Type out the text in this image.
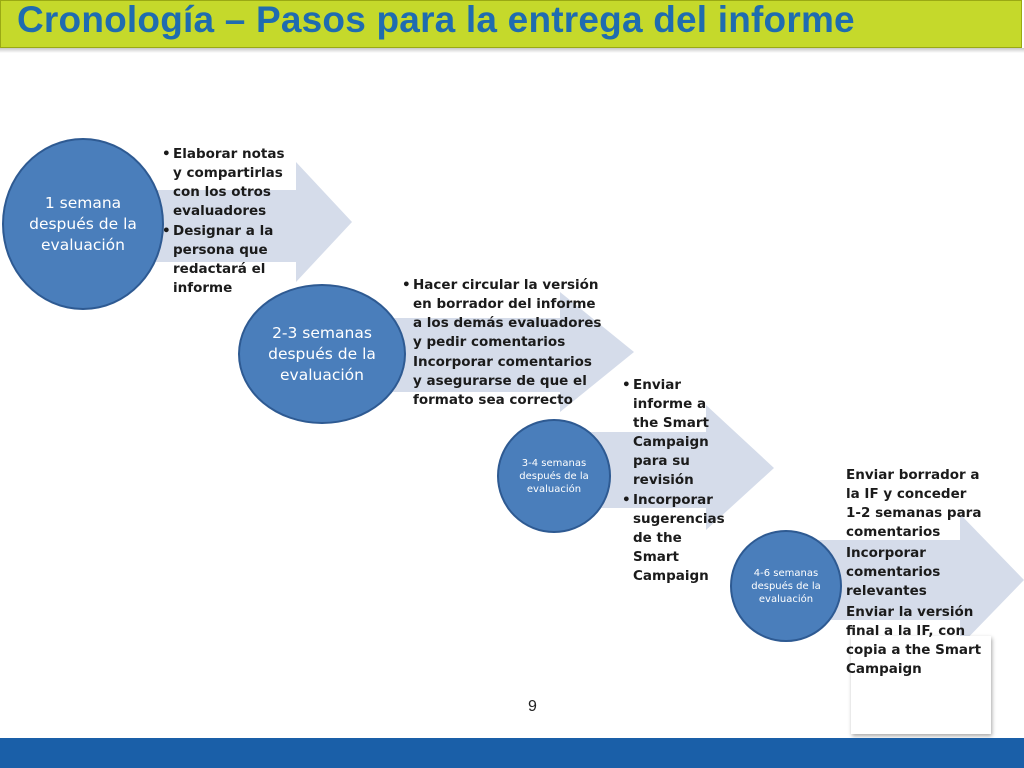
Cronología – Pasos para la entrega del informe
1 semana después de la evaluación
2-3 semanas después de la evaluación
3-4 semanas después de la evaluación
4-6 semanas después de la evaluación
• Elaborar notas y compartirlas con los otros evaluadores
• Designar a la persona que redactará el informe
•	Hacer circular la versión en borrador del informe a los demás evaluadores y pedir comentarios
Incorporar comentarios y asegurarse de que el formato sea correcto
• Enviar informe a the Smart Campaign para su revisión
• Incorporar sugerencias de the Smart Campaign
Enviar borrador a la IF y conceder 1-2 semanas para comentarios
Incorporar comentarios relevantes
Enviar la versión final a la IF, con copia a the Smart Campaign
9
